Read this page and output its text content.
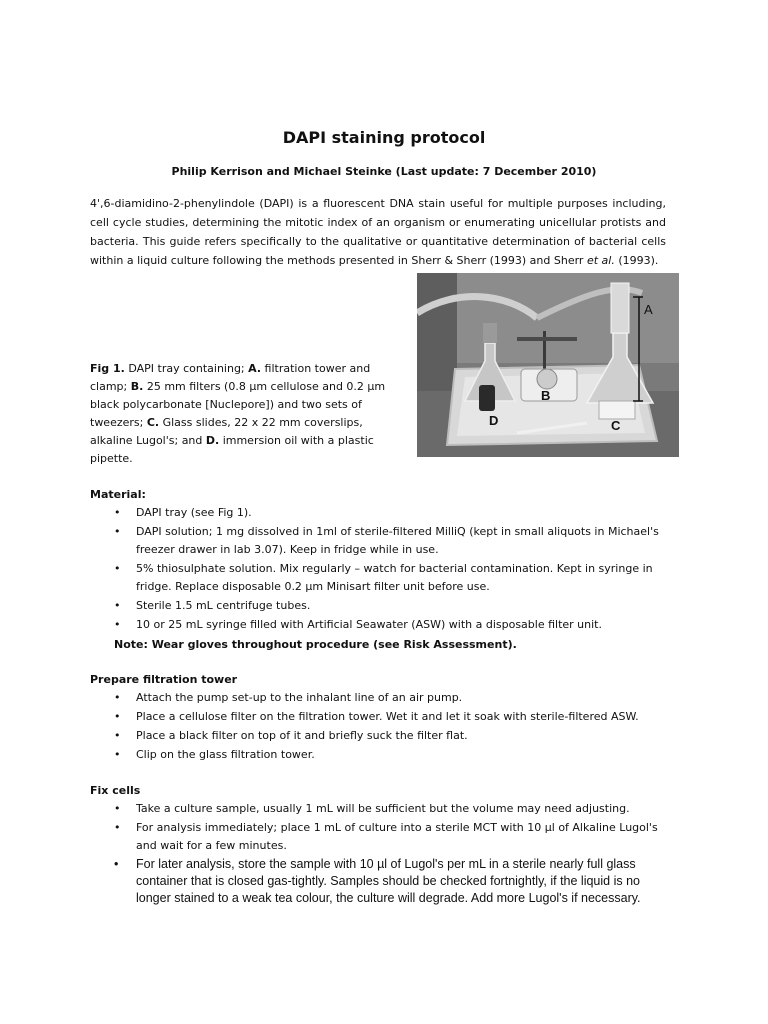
DAPI staining protocol
Philip Kerrison and Michael Steinke (Last update: 7 December 2010)
4',6-diamidino-2-phenylindole (DAPI) is a fluorescent DNA stain useful for multiple purposes including, cell cycle studies, determining the mitotic index of an organism or enumerating unicellular protists and bacteria. This guide refers specifically to the qualitative or quantitative determination of bacterial cells within a liquid culture following the methods presented in Sherr & Sherr (1993) and Sherr et al. (1993).
A
B
C
D
Fig 1. DAPI tray containing; A. filtration tower and clamp; B. 25 mm filters (0.8 µm cellulose and 0.2 µm black polycarbonate [Nuclepore]) and two sets of tweezers; C. Glass slides, 22 x 22 mm coverslips, alkaline Lugol's; and D. immersion oil with a plastic pipette.
Material:
• DAPI tray (see Fig 1).
• DAPI solution; 1 mg dissolved in 1ml of sterile-filtered MilliQ (kept in small aliquots in Michael's freezer drawer in lab 3.07). Keep in fridge while in use.
• 5% thiosulphate solution. Mix regularly – watch for bacterial contamination. Kept in syringe in fridge. Replace disposable 0.2 µm Minisart filter unit before use.
• Sterile 1.5 mL centrifuge tubes.
• 10 or 25 mL syringe filled with Artificial Seawater (ASW) with a disposable filter unit.
Note: Wear gloves throughout procedure (see Risk Assessment).
Prepare filtration tower
• Attach the pump set-up to the inhalant line of an air pump.
• Place a cellulose filter on the filtration tower. Wet it and let it soak with sterile-filtered ASW.
• Place a black filter on top of it and briefly suck the filter flat.
• Clip on the glass filtration tower.
Fix cells
• Take a culture sample, usually 1 mL will be sufficient but the volume may need adjusting.
• For analysis immediately; place 1 mL of culture into a sterile MCT with 10 µl of Alkaline Lugol's and wait for a few minutes.
• For later analysis, store the sample with 10 µl of Lugol's per mL in a sterile nearly full glass container that is closed gas-tightly. Samples should be checked fortnightly, if the liquid is no longer stained to a weak tea colour, the culture will degrade. Add more Lugol's if necessary.
